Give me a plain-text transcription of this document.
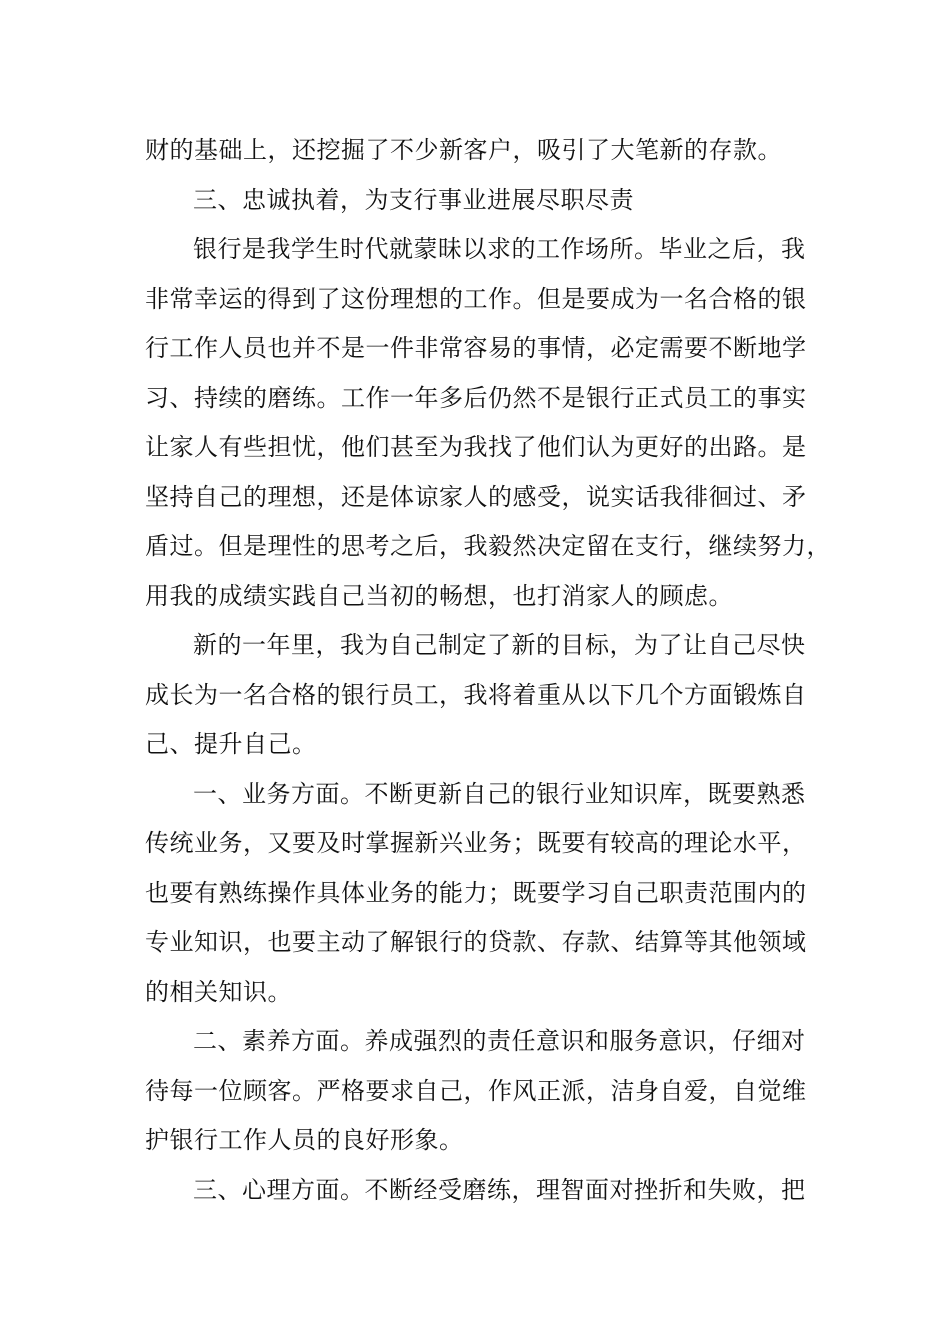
财的基础上，还挖掘了不少新客户，吸引了大笔新的存款。
三、忠诚执着，为支行事业进展尽职尽责
银行是我学生时代就蒙昧以求的工作场所。毕业之后，我
非常幸运的得到了这份理想的工作。但是要成为一名合格的银
行工作人员也并不是一件非常容易的事情，必定需要不断地学
习、持续的磨练。工作一年多后仍然不是银行正式员工的事实
让家人有些担忧，他们甚至为我找了他们认为更好的出路。是
坚持自己的理想，还是体谅家人的感受，说实话我徘徊过、矛
盾过。但是理性的思考之后，我毅然决定留在支行，继续努力，
用我的成绩实践自己当初的畅想，也打消家人的顾虑。
新的一年里，我为自己制定了新的目标，为了让自己尽快
成长为一名合格的银行员工，我将着重从以下几个方面锻炼自
己、提升自己。
一、业务方面。不断更新自己的银行业知识库，既要熟悉
传统业务，又要及时掌握新兴业务；既要有较高的理论水平，
也要有熟练操作具体业务的能力；既要学习自己职责范围内的
专业知识，也要主动了解银行的贷款、存款、结算等其他领域
的相关知识。
二、素养方面。养成强烈的责任意识和服务意识，仔细对
待每一位顾客。严格要求自己，作风正派，洁身自爱，自觉维
护银行工作人员的良好形象。
三、心理方面。不断经受磨练，理智面对挫折和失败，把
